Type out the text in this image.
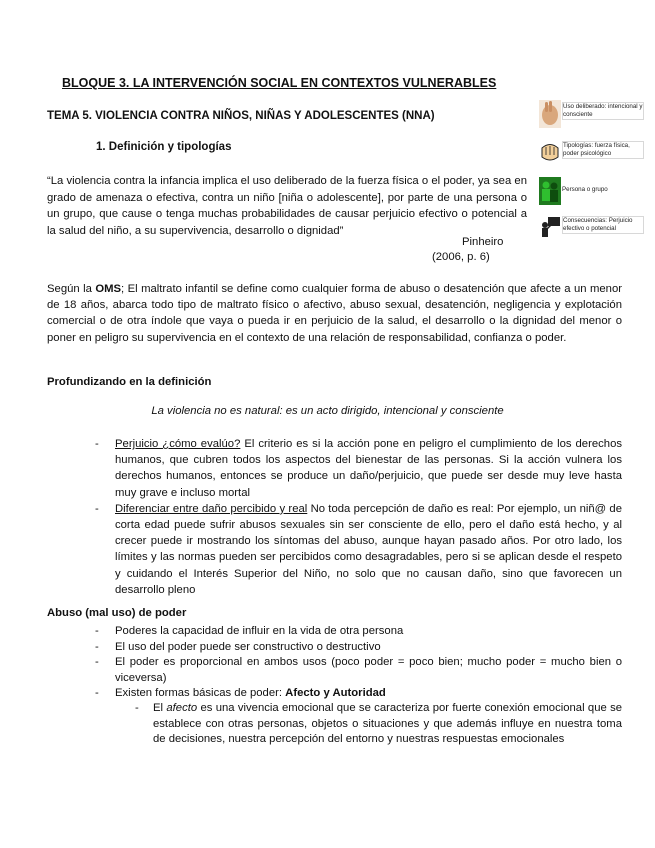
BLOQUE 3. LA INTERVENCIÓN SOCIAL EN CONTEXTOS VULNERABLES
TEMA 5. VIOLENCIA CONTRA NIÑOS, NIÑAS Y ADOLESCENTES (NNA)
1. Definición y tipologías
“La violencia contra la infancia implica el uso deliberado de la fuerza física o el poder, ya sea en grado de amenaza o efectiva, contra un niño [niña o adolescente], por parte de una persona o un grupo, que cause o tenga muchas probabilidades de causar perjuicio efectivo o potencial a la salud del niño, a su supervivencia, desarrollo o dignidad”
Pinheiro
(2006, p. 6)
Según la OMS; El maltrato infantil se define como cualquier forma de abuso o desatención que afecte a un menor de 18 años, abarca todo tipo de maltrato físico o afectivo, abuso sexual, desatención, negligencia y explotación comercial o de otra índole que vaya o pueda ir en perjuicio de la salud, el desarrollo o la dignidad del menor o poner en peligro su supervivencia en el contexto de una relación de responsabilidad, confianza o poder.
Profundizando en la definición
La violencia no es natural: es un acto dirigido, intencional y consciente
- Perjuicio ¿cómo evalúo? El criterio es si la acción pone en peligro el cumplimiento de los derechos humanos, que cubren todos los aspectos del bienestar de las personas. Si la acción vulnera los derechos humanos, entonces se produce un daño/perjuicio, que puede ser desde muy leve hasta muy grave e incluso mortal
- Diferenciar entre daño percibido y real No toda percepción de daño es real: Por ejemplo, un niñ@ de corta edad puede sufrir abusos sexuales sin ser consciente de ello, pero el daño está hecho, y al crecer puede ir mostrando los síntomas del abuso, aunque hayan pasado años. Por otro lado, los límites y las normas pueden ser percibidos como desagradables, pero si se aplican desde el respeto y cuidando el Interés Superior del Niño, no solo que no causan daño, sino que favorecen un desarrollo pleno
Abuso (mal uso) de poder
- Poderes la capacidad de influir en la vida de otra persona
- El uso del poder puede ser constructivo o destructivo
- El poder es proporcional en ambos usos (poco poder = poco bien; mucho poder = mucho bien o viceversa)
- Existen formas básicas de poder: Afecto y Autoridad
- El afecto es una vivencia emocional que se caracteriza por fuerte conexión emocional que se establece con otras personas, objetos o situaciones y que además influye en nuestra toma de decisiones, nuestra percepción del entorno y nuestras respuestas emocionales
Uso deliberado: intencional y consciente
Tipologías: fuerza física, poder psicológico
Persona o grupo
Consecuencias: Perjuicio efectivo o potencial
